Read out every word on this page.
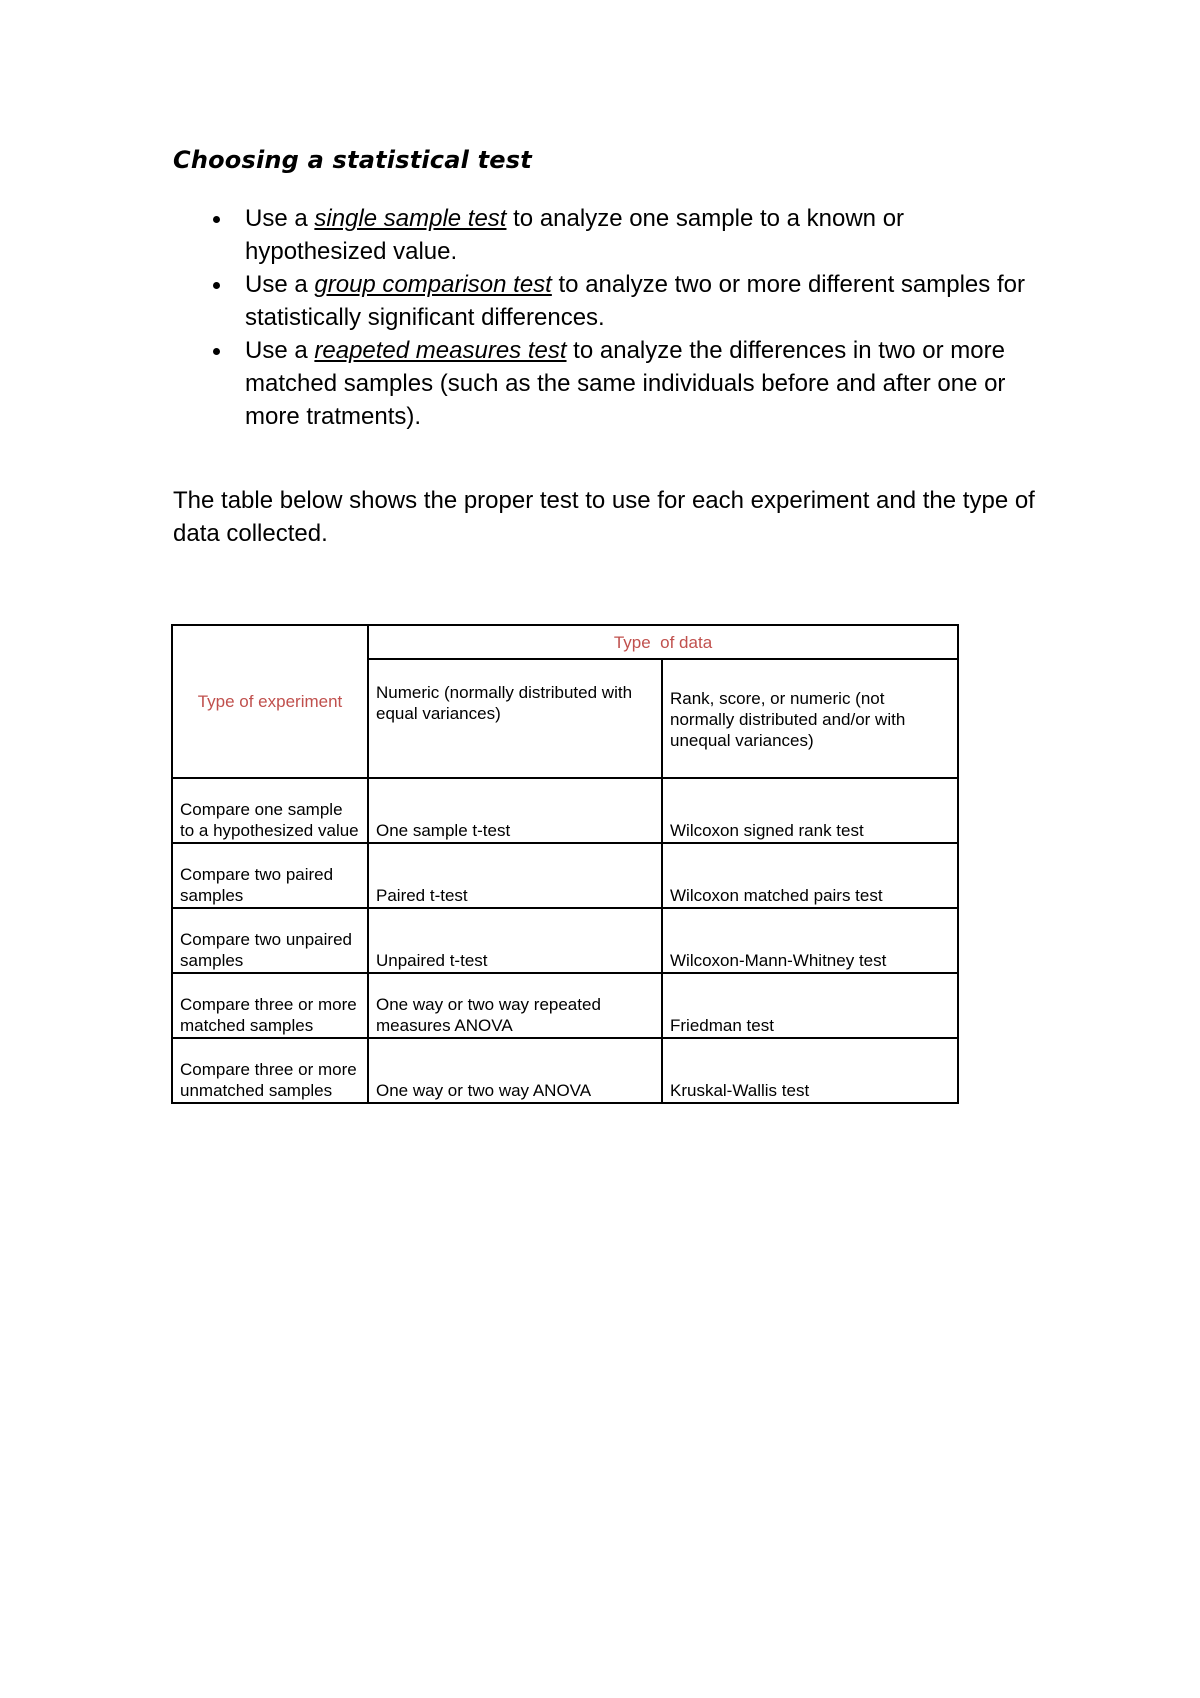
Choosing a statistical test
Use a single sample test to analyze one sample to a known or hypothesized value.
Use a group comparison test to analyze two or more different samples for statistically significant differences.
Use a reapeted measures test to analyze the differences in two or more matched samples (such as the same individuals before and after one or more tratments).
The table below shows the proper test to use for each experiment and the type of data collected.
Type of experiment	Type  of data	
	Numeric (normally distributed with equal variances)	Rank, score, or numeric (not normally distributed and/or with unequal variances)
Compare one sample to a hypothesized value	One sample t-test	Wilcoxon signed rank test
Compare two paired samples	Paired t-test	Wilcoxon matched pairs test
Compare two unpaired samples	Unpaired t-test	Wilcoxon-Mann-Whitney test
Compare three or more matched samples	One way or two way repeated measures ANOVA	Friedman test
Compare three or more unmatched samples	One way or two way ANOVA	Kruskal-Wallis test
